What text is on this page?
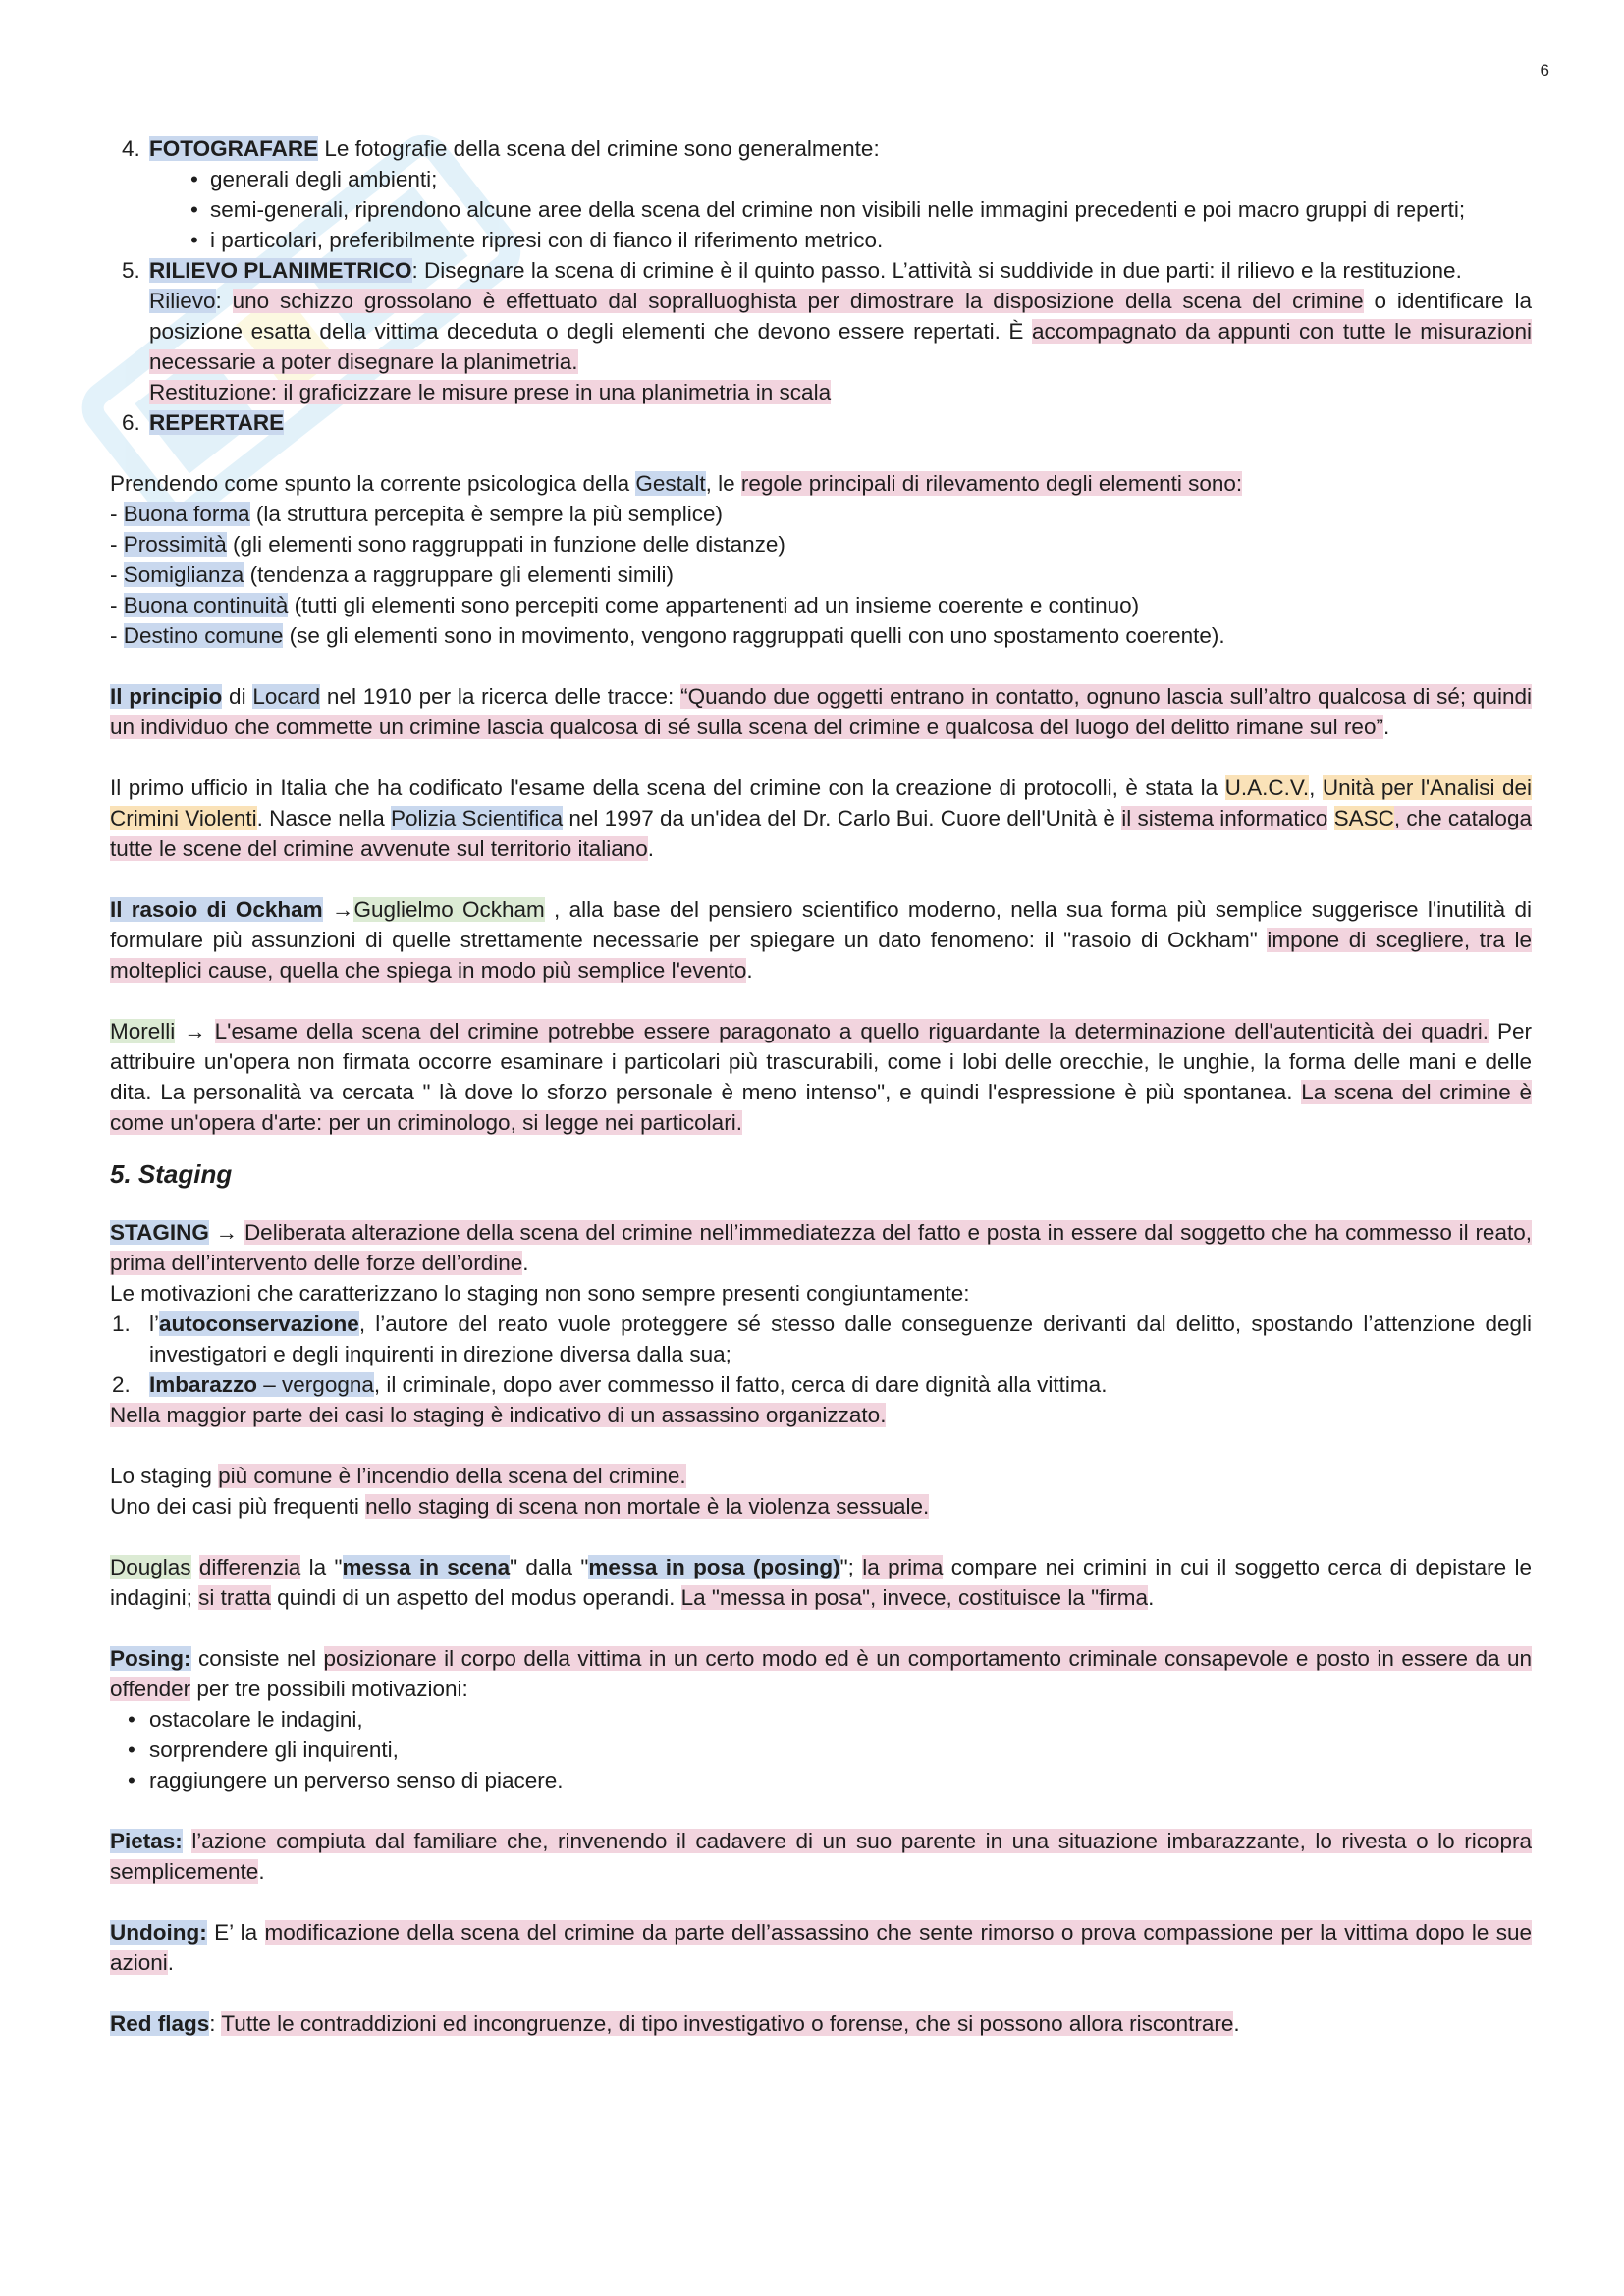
6
4. FOTOGRAFARE Le fotografie della scena del crimine sono generalmente:
• generali degli ambienti;
• semi-generali, riprendono alcune aree della scena del crimine non visibili nelle immagini precedenti e poi macro gruppi di reperti;
• i particolari, preferibilmente ripresi con di fianco il riferimento metrico.
5. RILIEVO PLANIMETRICO: Disegnare la scena di crimine è il quinto passo. L’attività si suddivide in due parti: il rilievo e la restituzione.

Rilievo: uno schizzo grossolano è effettuato dal sopralluoghista per dimostrare la disposizione della scena del crimine o identificare la posizione esatta della vittima deceduta o degli elementi che devono essere repertati. È accompagnato da appunti con tutte le misurazioni necessarie a poter disegnare la planimetria.

Restituzione: il graficizzare le misure prese in una planimetria in scala

6. REPERTARE

Prendendo come spunto la corrente psicologica della Gestalt, le regole principali di rilevamento degli elementi sono:

- Buona forma (la struttura percepita è sempre la più semplice)

- Prossimità (gli elementi sono raggruppati in funzione delle distanze)

- Somiglianza (tendenza a raggruppare gli elementi simili)

- Buona continuità (tutti gli elementi sono percepiti come appartenenti ad un insieme coerente e continuo)

- Destino comune (se gli elementi sono in movimento, vengono raggruppati quelli con uno spostamento coerente).

Il principio di Locard nel 1910 per la ricerca delle tracce: “Quando due oggetti entrano in contatto, ognuno lascia sull’altro qualcosa di sé; quindi un individuo che commette un crimine lascia qualcosa di sé sulla scena del crimine e qualcosa del luogo del delitto rimane sul reo”.

Il primo ufficio in Italia che ha codificato l'esame della scena del crimine con la creazione di protocolli, è stata la U.A.C.V., Unità per l'Analisi dei Crimini Violenti. Nasce nella Polizia Scientifica nel 1997 da un'idea del Dr. Carlo Bui. Cuore dell'Unità è il sistema informatico SASC, che cataloga tutte le scene del crimine avvenute sul territorio italiano.

Il rasoio di Ockham →Guglielmo Ockham , alla base del pensiero scientifico moderno, nella sua forma più semplice suggerisce l'inutilità di formulare più assunzioni di quelle strettamente necessarie per spiegare un dato fenomeno: il "rasoio di Ockham" impone di scegliere, tra le molteplici cause, quella che spiega in modo più semplice l'evento.

Morelli → L'esame della scena del crimine potrebbe essere paragonato a quello riguardante la determinazione dell'autenticità dei quadri. Per attribuire un'opera non firmata occorre esaminare i particolari più trascurabili, come i lobi delle orecchie, le unghie, la forma delle mani e delle dita. La personalità va cercata " là dove lo sforzo personale è meno intenso", e quindi l'espressione è più spontanea. La scena del crimine è come un'opera d'arte: per un criminologo, si legge nei particolari.

5. Staging

STAGING → Deliberata alterazione della scena del crimine nell’immediatezza del fatto e posta in essere dal soggetto che ha commesso il reato, prima dell’intervento delle forze dell’ordine.

Le motivazioni che caratterizzano lo staging non sono sempre presenti congiuntamente:

1. l’autoconservazione, l’autore del reato vuole proteggere sé stesso dalle conseguenze derivanti dal delitto, spostando l’attenzione degli investigatori e degli inquirenti in direzione diversa dalla sua;
2. Imbarazzo – vergogna, il criminale, dopo aver commesso il fatto, cerca di dare dignità alla vittima.

Nella maggior parte dei casi lo staging è indicativo di un assassino organizzato.

Lo staging più comune è l’incendio della scena del crimine.

Uno dei casi più frequenti nello staging di scena non mortale è la violenza sessuale.

Douglas differenzia la "messa in scena" dalla "messa in posa (posing)"; la prima compare nei crimini in cui il soggetto cerca di depistare le indagini; si tratta quindi di un aspetto del modus operandi. La "messa in posa", invece, costituisce la "firma.

Posing: consiste nel posizionare il corpo della vittima in un certo modo ed è un comportamento criminale consapevole e posto in essere da un offender per tre possibili motivazioni:

• ostacolare le indagini,
• sorprendere gli inquirenti,
• raggiungere un perverso senso di piacere.

Pietas: l’azione compiuta dal familiare che, rinvenendo il cadavere di un suo parente in una situazione imbarazzante, lo rivesta o lo ricopra semplicemente.

Undoing: E’ la modificazione della scena del crimine da parte dell’assassino che sente rimorso o prova compassione per la vittima dopo le sue azioni.

Red flags: Tutte le contraddizioni ed incongruenze, di tipo investigativo o forense, che si possono allora riscontrare.
